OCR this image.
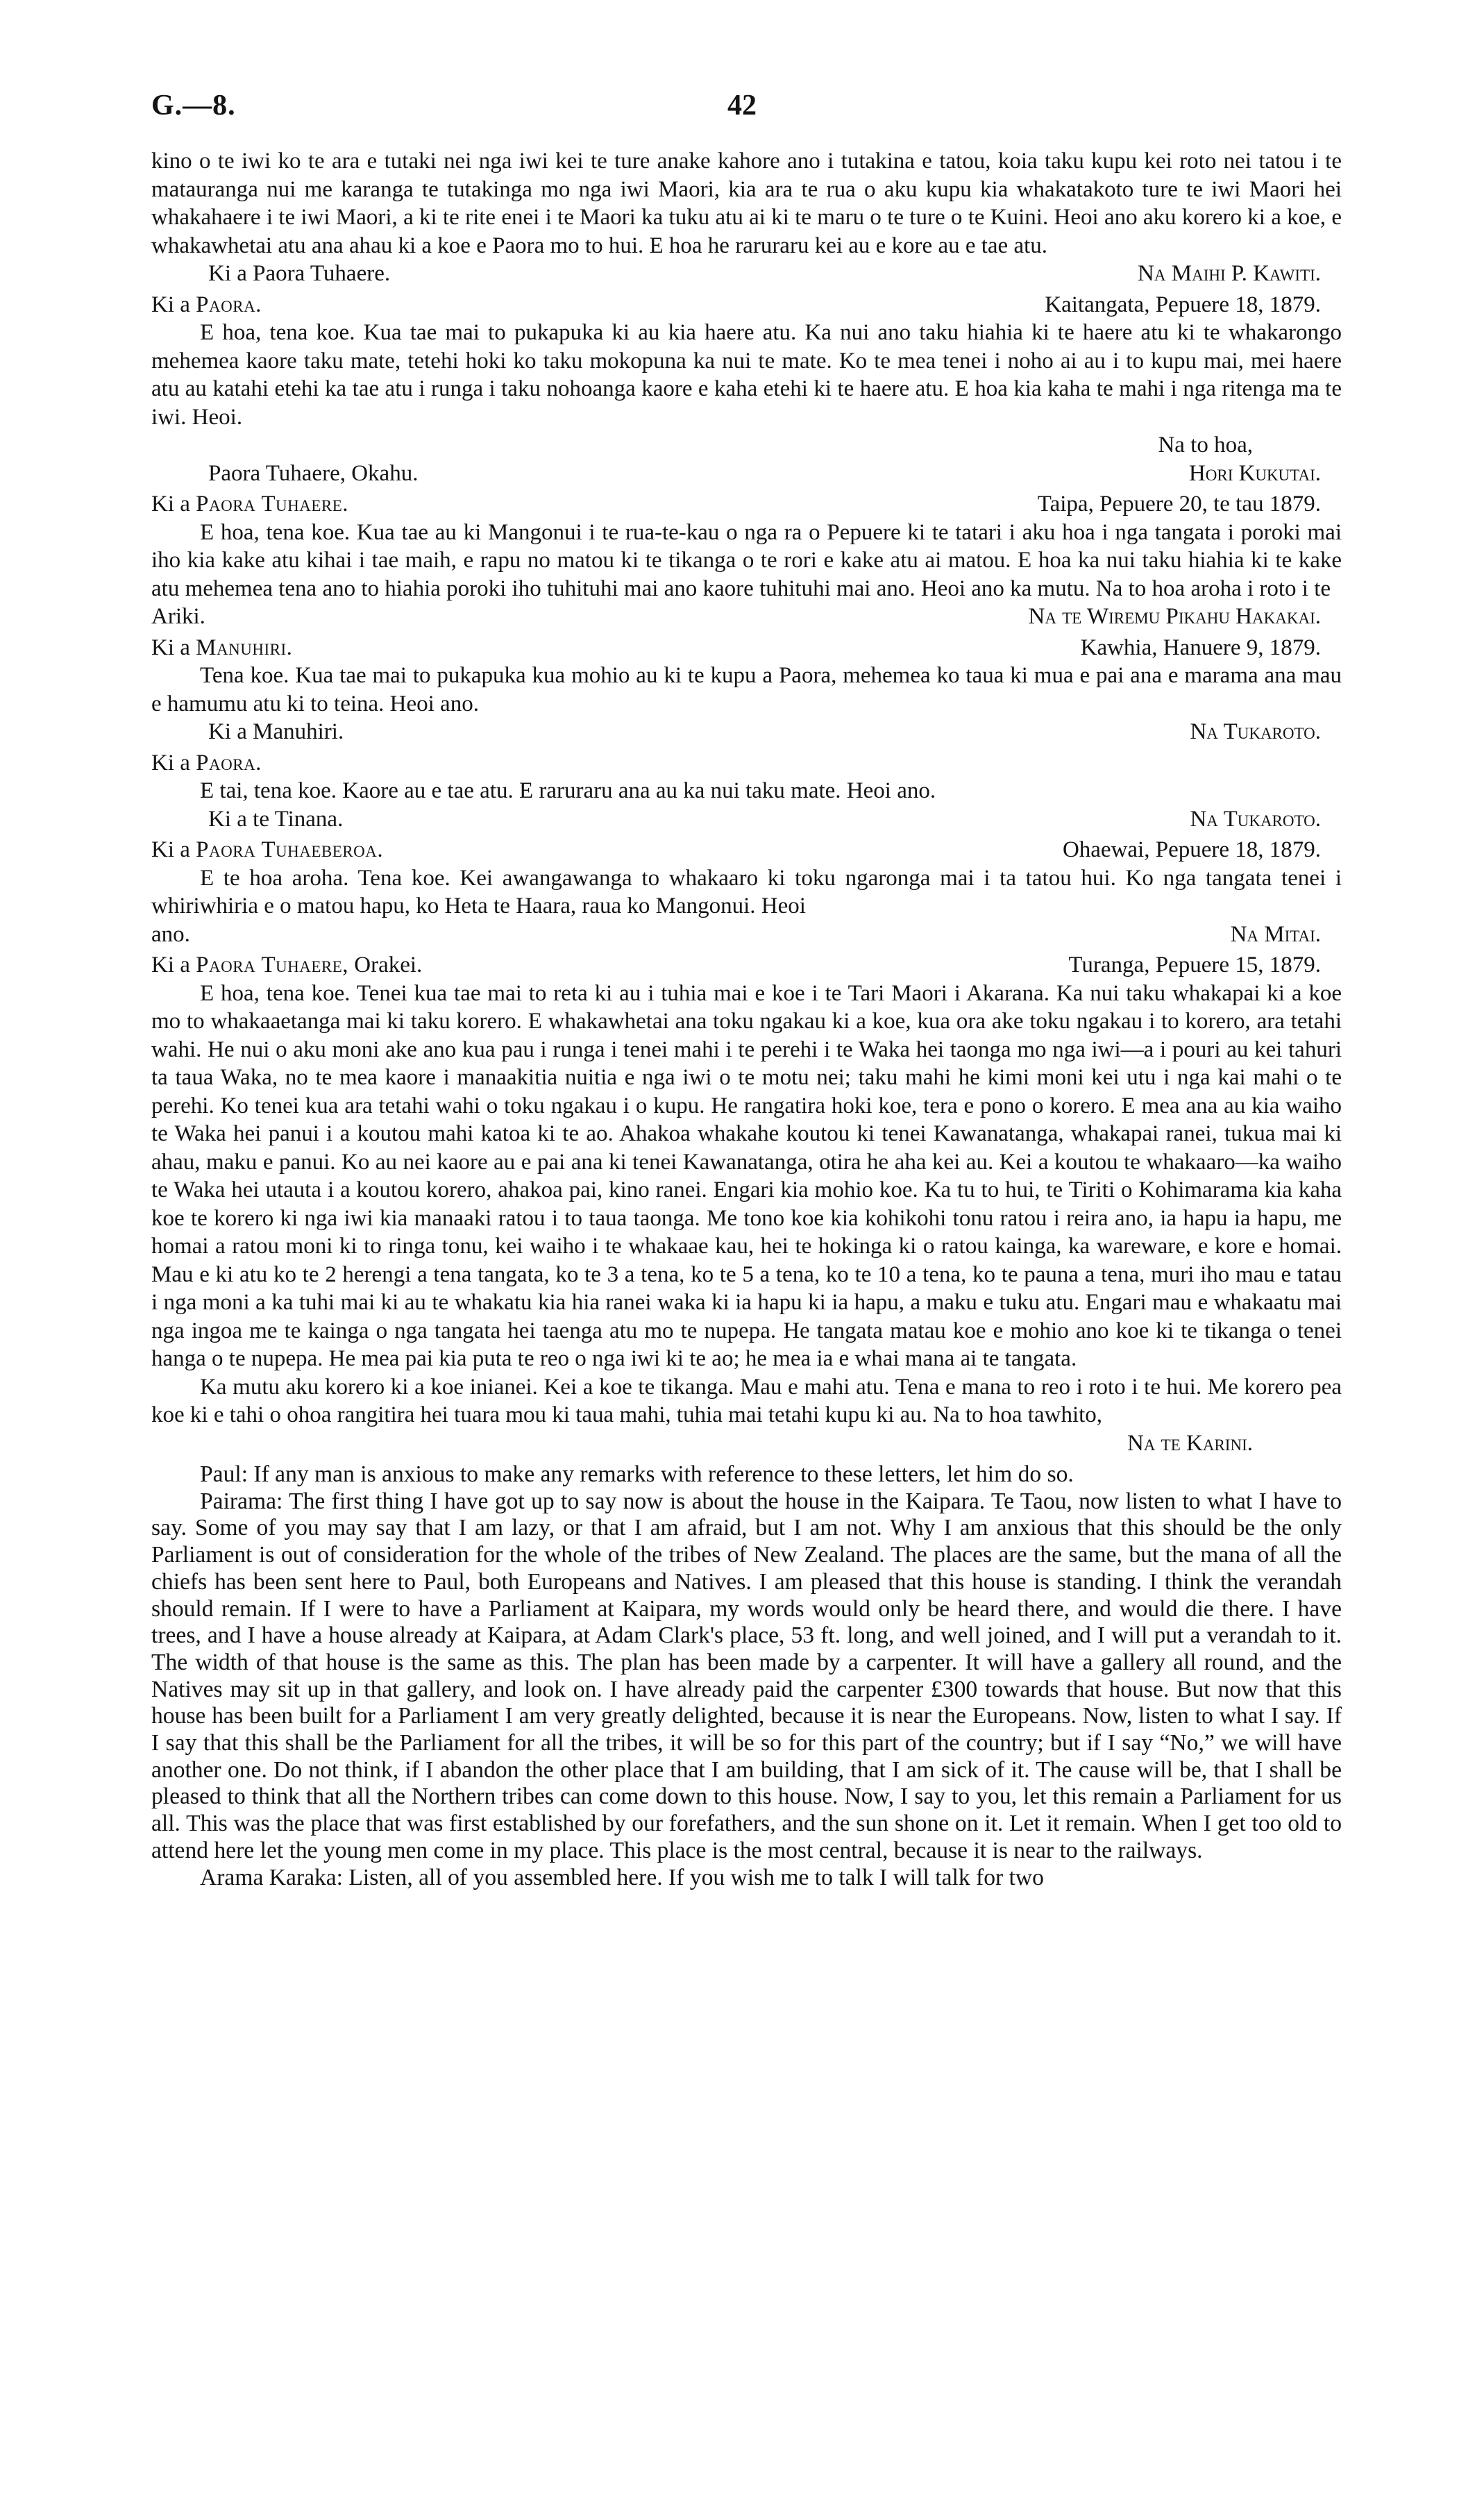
G.—8.	42

kino o te iwi ko te ara e tutaki nei nga iwi kei te ture anake kahore ano i tutakina e tatou, koia taku kupu kei roto nei tatou i te matauranga nui me karanga te tutakinga mo nga iwi Maori, kia ara te rua o aku kupu kia whakatakoto ture te iwi Maori hei whakahaere i te iwi Maori, a ki te rite enei i te Maori ka tuku atu ai ki te maru o te ture o te Kuini. Heoi ano aku korero ki a koe, e whakawhetai atu ana ahau ki a koe e Paora mo to hui. E hoa he raruraru kei au e kore au e tae atu.

Ki a Paora Tuhaere.	Na Maihi P. Kawiti.
Ki a Paora.	Kaitangata, Pepuere 18, 1879.

E hoa, tena koe. Kua tae mai to pukapuka ki au kia haere atu. Ka nui ano taku hiahia ki te haere atu ki te whakarongo mehemea kaore taku mate, tetehi hoki ko taku mokopuna ka nui te mate. Ko te mea tenei i noho ai au i to kupu mai, mei haere atu au katahi etehi ka tae atu i runga i taku nohoanga kaore e kaha etehi ki te haere atu. E hoa kia kaha te mahi i nga ritenga ma te iwi. Heoi.

Na to hoa,
Paora Tuhaere, Okahu.	Hori Kukutai.
Ki a Paora Tuhaere.	Taipa, Pepuere 20, te tau 1879.

E hoa, tena koe. Kua tae au ki Mangonui i te rua-te-kau o nga ra o Pepuere ki te tatari i aku hoa i nga tangata i poroki mai iho kia kake atu kihai i tae maih, e rapu no matou ki te tikanga o te rori e kake atu ai matou. E hoa ka nui taku hiahia ki te kake atu mehemea tena ano to hiahia poroki iho tuhituhi mai ano kaore tuhituhi mai ano. Heoi ano ka mutu. Na to hoa aroha i roto i te

Ariki.	Na te Wiremu Pikahu Hakakai.
Ki a Manuhiri.	Kawhia, Hanuere 9, 1879.

Tena koe. Kua tae mai to pukapuka kua mohio au ki te kupu a Paora, mehemea ko taua ki mua e pai ana e marama ana mau e hamumu atu ki to teina. Heoi ano.

Ki a Manuhiri.	Na Tukaroto.
Ki a Paora.

E tai, tena koe. Kaore au e tae atu. E raruraru ana au ka nui taku mate. Heoi ano.

Ki a te Tinana.	Na Tukaroto.
Ki a Paora Tuhaeberoa.	Ohaewai, Pepuere 18, 1879.

E te hoa aroha. Tena koe. Kei awangawanga to whakaaro ki toku ngaronga mai i ta tatou hui. Ko nga tangata tenei i whiriwhiria e o matou hapu, ko Heta te Haara, raua ko Mangonui. Heoi

ano.	Na Mitai.
Ki a Paora Tuhaere, Orakei.	Turanga, Pepuere 15, 1879.

E hoa, tena koe. Tenei kua tae mai to reta ki au i tuhia mai e koe i te Tari Maori i Akarana. Ka nui taku whakapai ki a koe mo to whakaaetanga mai ki taku korero. E whakawhetai ana toku ngakau ki a koe, kua ora ake toku ngakau i to korero, ara tetahi wahi. He nui o aku moni ake ano kua pau i runga i tenei mahi i te perehi i te Waka hei taonga mo nga iwi—a i pouri au kei tahuri ta taua Waka, no te mea kaore i manaakitia nuitia e nga iwi o te motu nei; taku mahi he kimi moni kei utu i nga kai mahi o te perehi. Ko tenei kua ara tetahi wahi o toku ngakau i o kupu. He rangatira hoki koe, tera e pono o korero. E mea ana au kia waiho te Waka hei panui i a koutou mahi katoa ki te ao. Ahakoa whakahe koutou ki tenei Kawanatanga, whakapai ranei, tukua mai ki ahau, maku e panui. Ko au nei kaore au e pai ana ki tenei Kawanatanga, otira he aha kei au. Kei a koutou te whakaaro—ka waiho te Waka hei utauta i a koutou korero, ahakoa pai, kino ranei. Engari kia mohio koe. Ka tu to hui, te Tiriti o Kohimarama kia kaha koe te korero ki nga iwi kia manaaki ratou i to taua taonga. Me tono koe kia kohikohi tonu ratou i reira ano, ia hapu ia hapu, me homai a ratou moni ki to ringa tonu, kei waiho i te whakaae kau, hei te hokinga ki o ratou kainga, ka wareware, e kore e homai. Mau e ki atu ko te 2 herengi a tena tangata, ko te 3 a tena, ko te 5 a tena, ko te 10 a tena, ko te pauna a tena, muri iho mau e tatau i nga moni a ka tuhi mai ki au te whakatu kia hia ranei waka ki ia hapu ki ia hapu, a maku e tuku atu. Engari mau e whakaatu mai nga ingoa me te kainga o nga tangata hei taenga atu mo te nupepa. He tangata matau koe e mohio ano koe ki te tikanga o tenei hanga o te nupepa. He mea pai kia puta te reo o nga iwi ki te ao; he mea ia e whai mana ai te tangata.

Ka mutu aku korero ki a koe inianei. Kei a koe te tikanga. Mau e mahi atu. Tena e mana to reo i roto i te hui. Me korero pea koe ki e tahi o ohoa rangitira hei tuara mou ki taua mahi, tuhia mai tetahi kupu ki au. Na to hoa tawhito,

Na te Karini.

Paul: If any man is anxious to make any remarks with reference to these letters, let him do so.

Pairama: The first thing I have got up to say now is about the house in the Kaipara. Te Taou, now listen to what I have to say. Some of you may say that I am lazy, or that I am afraid, but I am not. Why I am anxious that this should be the only Parliament is out of consideration for the whole of the tribes of New Zealand. The places are the same, but the mana of all the chiefs has been sent here to Paul, both Europeans and Natives. I am pleased that this house is standing. I think the verandah should remain. If I were to have a Parliament at Kaipara, my words would only be heard there, and would die there. I have trees, and I have a house already at Kaipara, at Adam Clark's place, 53 ft. long, and well joined, and I will put a verandah to it. The width of that house is the same as this. The plan has been made by a carpenter. It will have a gallery all round, and the Natives may sit up in that gallery, and look on. I have already paid the carpenter £300 towards that house. But now that this house has been built for a Parliament I am very greatly delighted, because it is near the Europeans. Now, listen to what I say. If I say that this shall be the Parliament for all the tribes, it will be so for this part of the country; but if I say “No,” we will have another one. Do not think, if I abandon the other place that I am building, that I am sick of it. The cause will be, that I shall be pleased to think that all the Northern tribes can come down to this house. Now, I say to you, let this remain a Parliament for us all. This was the place that was first established by our forefathers, and the sun shone on it. Let it remain. When I get too old to attend here let the young men come in my place. This place is the most central, because it is near to the railways.

Arama Karaka: Listen, all of you assembled here. If you wish me to talk I will talk for two
